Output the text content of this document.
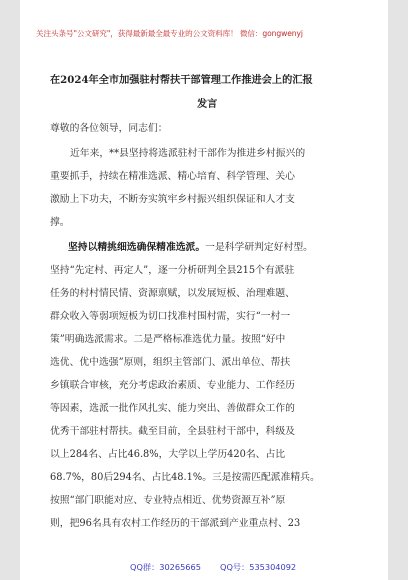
关注头条号"公文研究"，获得最新最全最专业的公文资料库！ 微信：gongwenyj
在2024年全市加强驻村帮扶干部管理工作推进会上的汇报
发言
尊敬的各位领导，同志们：
近年来，**县坚持将选派驻村干部作为推进乡村振兴的
重要抓手，持续在精准选派、精心培育、科学管理、关心
激励上下功夫，不断夯实筑牢乡村振兴组织保证和人才支
撑。
坚持以精挑细选确保精准选派。一是科学研判定好村型。
坚持“先定村、再定人”，逐一分析研判全县215个有派驻
任务的村村情民情、资源禀赋，以发展短板、治理难题、
群众收入等弱项短板为切口找准村围村需，实行“一村一
策”明确选派需求。二是严格标准选优力量。按照“好中
选优、优中选强”原则，组织主管部门、派出单位、帮扶
乡镇联合审核，充分考虑政治素质、专业能力、工作经历
等因素，选派一批作风扎实、能力突出、善做群众工作的
优秀干部驻村帮扶。截至目前，全县驻村干部中，科级及
以上284名、占比46.8%，大学以上学历420名、占比
68.7%，80后294名、占比48.1%。三是按需匹配派准精兵。
按照“部门职能对应、专业特点相近、优势资源互补”原
则，把96名具有农村工作经历的干部派到产业重点村、23
QQ群：30265665 QQ号：535304092
